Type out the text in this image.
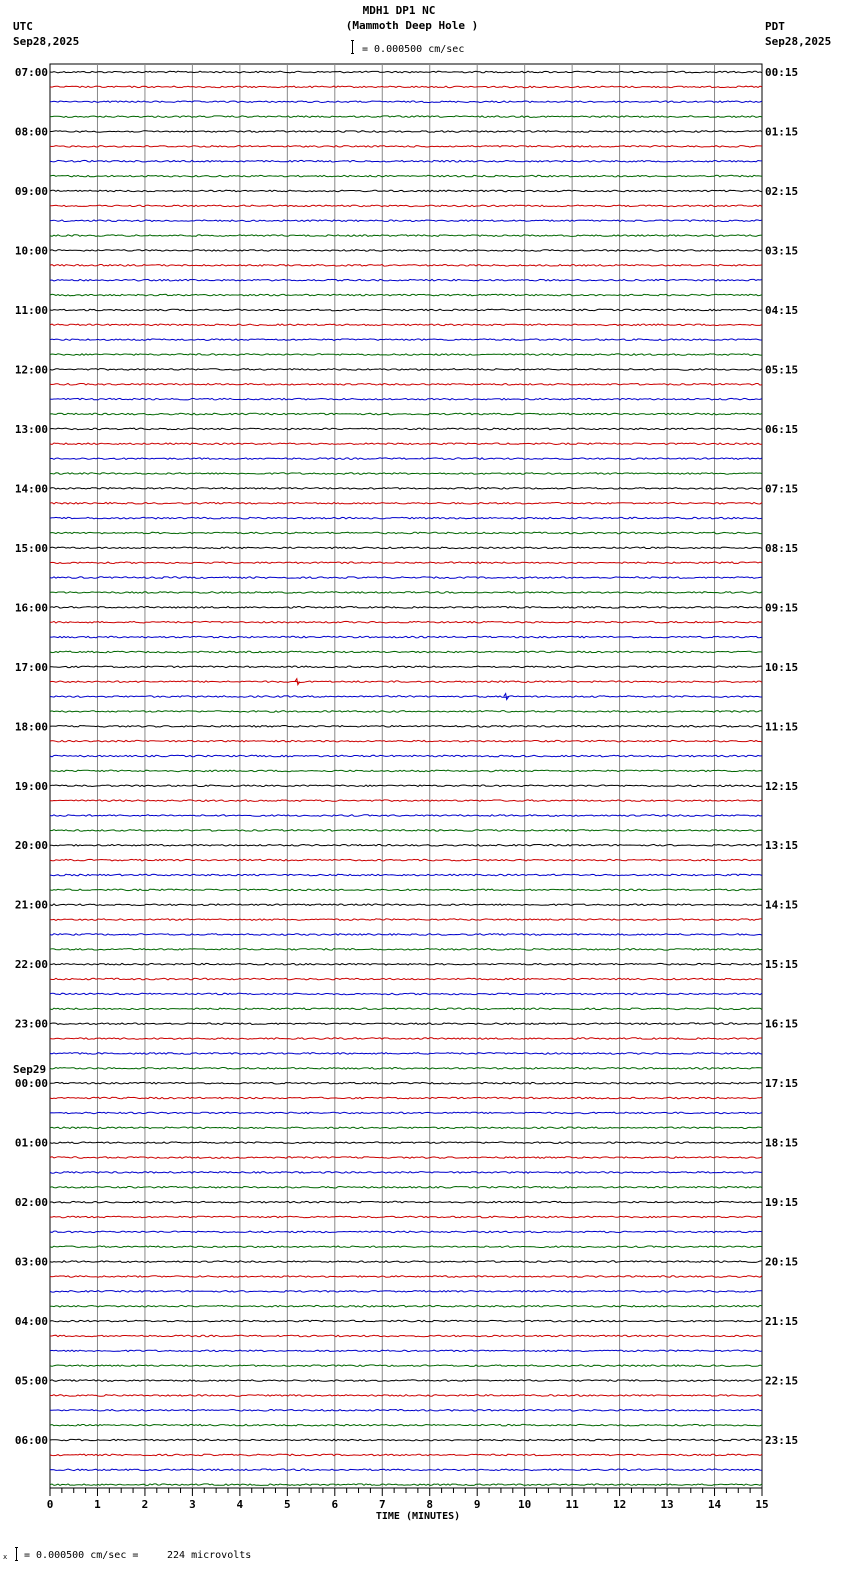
MDH1 DP1 NC
(Mammoth Deep Hole )
= 0.000500 cm/sec
UTC
Sep28,2025
PDT
Sep28,2025
07:00	00:15
08:00	01:15
09:00	02:15
10:00	03:15
11:00	04:15
12:00	05:15
13:00	06:15
14:00	07:15
15:00	08:15
16:00	09:15
17:00	10:15
18:00	11:15
19:00	12:15
20:00	13:15
21:00	14:15
22:00	15:15
23:00	16:15
00:00	17:15
01:00	18:15
02:00	19:15
03:00	20:15
04:00	21:15
05:00	22:15
06:00	23:15
Sep29
0	1	2	3	4	5	6	7	8	9	10	11	12	13	14	15
TIME (MINUTES)
x = 0.000500 cm/sec =	224 microvolts
